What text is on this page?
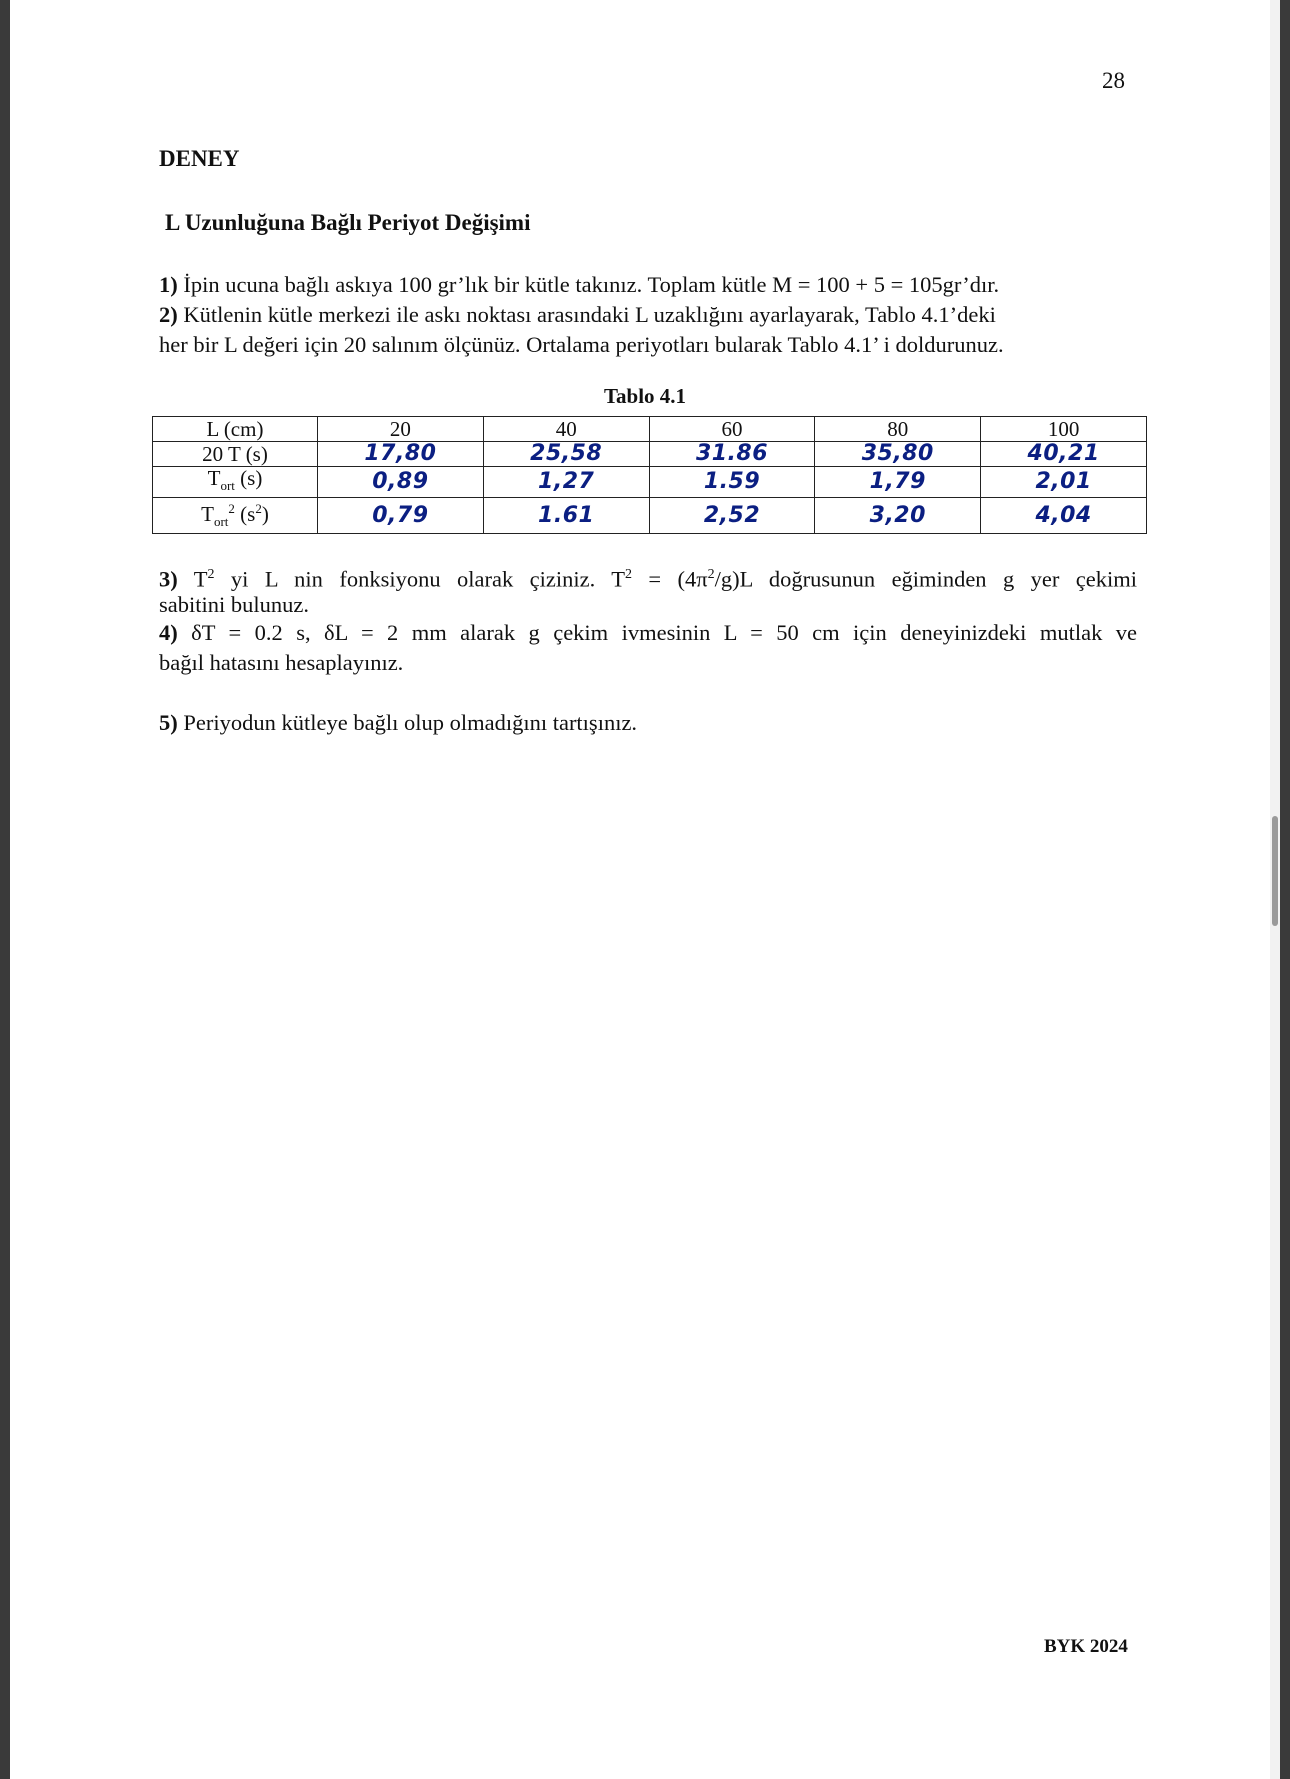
28
DENEY
L Uzunluğuna Bağlı Periyot Değişimi
1) İpin ucuna bağlı askıya 100 gr’lık bir kütle takınız. Toplam kütle M = 100 + 5 = 105gr’dır.
2) Kütlenin kütle merkezi ile askı noktası arasındaki L uzaklığını ayarlayarak, Tablo 4.1’deki
her bir L değeri için 20 salınım ölçünüz. Ortalama periyotları bularak Tablo 4.1’ i doldurunuz.
Tablo 4.1
L (cm)	20	40	60	80	100
20 T (s)	17,80	25,58	31.86	35,80	40,21
$T_{ort}$ (s)	0,89	1,27	1.59	1,79	2,01
$T_{ort}^2$ $(s^2)$	0,79	1.61	2,52	3,20	4,04
3) $T^2$ yi L nin fonksiyonu olarak çiziniz. $T^2 = (4\pi^2/g)L$ doğrusunun eğiminden g yer çekimi
sabitini bulunuz.
4) δT = 0.2 s, δL = 2 mm alarak g çekim ivmesinin L = 50 cm için deneyinizdeki mutlak ve
bağıl hatasını hesaplayınız.
5) Periyodun kütleye bağlı olup olmadığını tartışınız.
BYK 2024
